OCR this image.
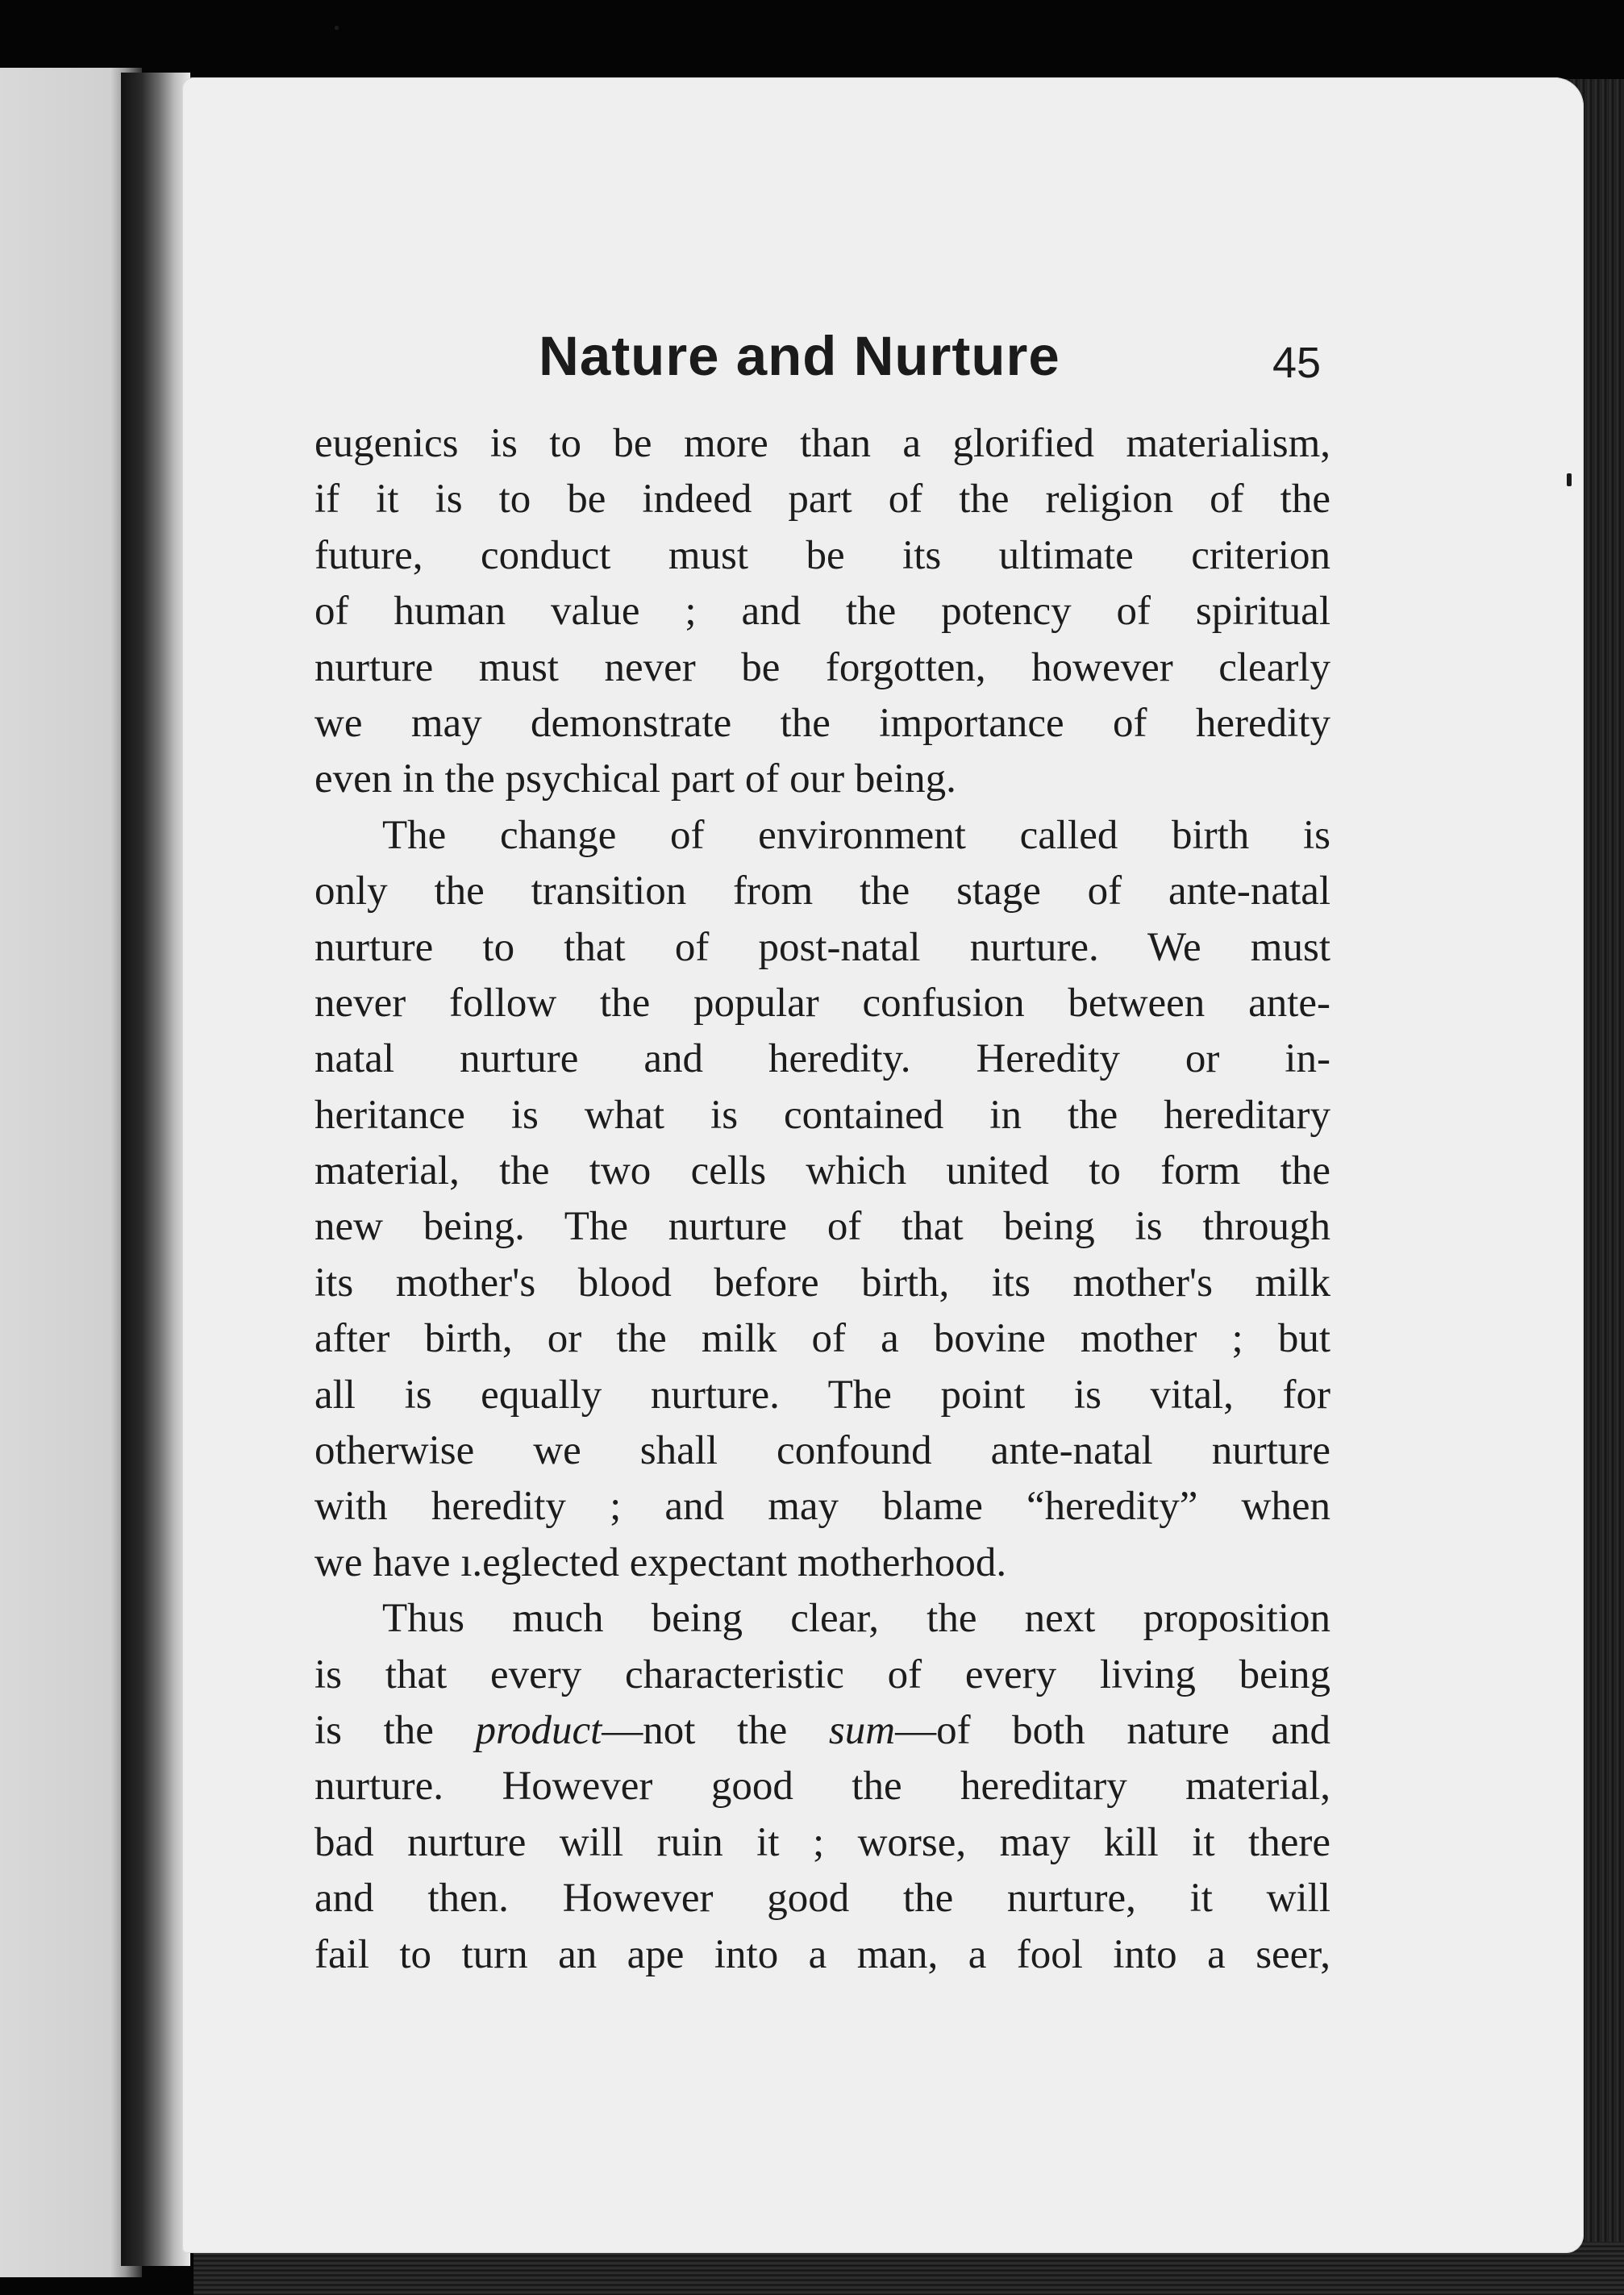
Nature and Nurture	45
eugenics is to be more than a glorified materialism,
if it is to be indeed part of the religion of the
future, conduct must be its ultimate criterion
of human value ; and the potency of spiritual
nurture must never be forgotten, however clearly
we may demonstrate the importance of heredity
even in the psychical part of our being.
The change of environment called birth is
only the transition from the stage of ante-natal
nurture to that of post-natal nurture. We must
never follow the popular confusion between ante-
natal nurture and heredity. Heredity or in-
heritance is what is contained in the hereditary
material, the two cells which united to form the
new being. The nurture of that being is through
its mother's blood before birth, its mother's milk
after birth, or the milk of a bovine mother ; but
all is equally nurture. The point is vital, for
otherwise we shall confound ante-natal nurture
with heredity ; and may blame “heredity” when
we have ı.eglected expectant motherhood.
Thus much being clear, the next proposition
is that every characteristic of every living being
is the product—not the sum—of both nature and
nurture. However good the hereditary material,
bad nurture will ruin it ; worse, may kill it there
and then. However good the nurture, it will
fail to turn an ape into a man, a fool into a seer,
